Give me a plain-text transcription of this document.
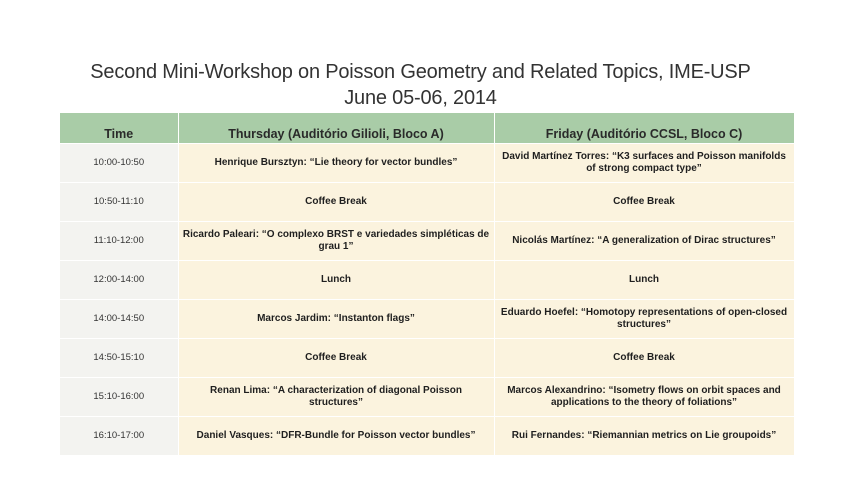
Second Mini-Workshop on Poisson Geometry and Related Topics, IME-USP
June 05-06, 2014
Time	Thursday (Auditório Gilioli, Bloco A)	Friday (Auditório CCSL, Bloco C)
10:00-10:50	Henrique Bursztyn: “Lie theory for vector bundles”	David Martínez Torres: “K3 surfaces and Poisson manifolds of strong compact type”
10:50-11:10	Coffee Break	Coffee Break
11:10-12:00	Ricardo Paleari: “O complexo BRST e variedades simpléticas de grau 1”	Nicolás Martínez: “A generalization of Dirac structures”
12:00-14:00	Lunch	Lunch
14:00-14:50	Marcos Jardim: “Instanton flags”	Eduardo Hoefel: “Homotopy representations of open-closed structures”
14:50-15:10	Coffee Break	Coffee Break
15:10-16:00	Renan Lima: “A characterization of diagonal Poisson structures”	Marcos Alexandrino: “Isometry flows on orbit spaces and applications to the theory of foliations”
16:10-17:00	Daniel Vasques: “DFR-Bundle for Poisson vector bundles”	Rui Fernandes: “Riemannian metrics on Lie groupoids”
